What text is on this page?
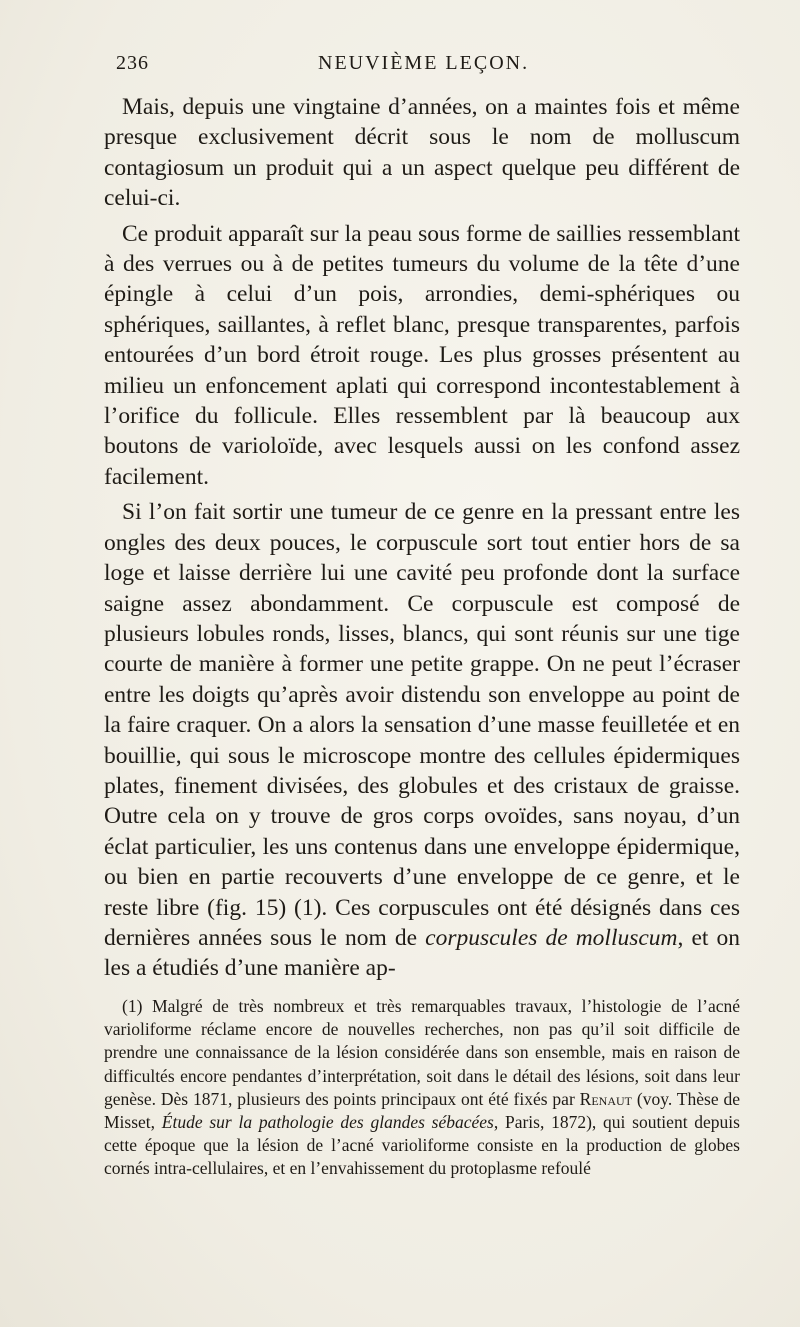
236	NEUVIÈME LEÇON.

Mais, depuis une vingtaine d’années, on a maintes fois et même presque exclusivement décrit sous le nom de molluscum contagiosum un produit qui a un aspect quelque peu différent de celui-ci.

Ce produit apparaît sur la peau sous forme de saillies ressemblant à des verrues ou à de petites tumeurs du volume de la tête d’une épingle à celui d’un pois, arrondies, demi-sphériques ou sphériques, saillantes, à reflet blanc, presque transparentes, parfois entourées d’un bord étroit rouge. Les plus grosses présentent au milieu un enfoncement aplati qui correspond incontestablement à l’orifice du follicule. Elles ressemblent par là beaucoup aux boutons de varioloïde, avec lesquels aussi on les confond assez facilement.

Si l’on fait sortir une tumeur de ce genre en la pressant entre les ongles des deux pouces, le corpuscule sort tout entier hors de sa loge et laisse derrière lui une cavité peu profonde dont la surface saigne assez abondamment. Ce corpuscule est composé de plusieurs lobules ronds, lisses, blancs, qui sont réunis sur une tige courte de manière à former une petite grappe. On ne peut l’écraser entre les doigts qu’après avoir distendu son enveloppe au point de la faire craquer. On a alors la sensation d’une masse feuilletée et en bouillie, qui sous le microscope montre des cellules épidermiques plates, finement divisées, des globules et des cristaux de graisse. Outre cela on y trouve de gros corps ovoïdes, sans noyau, d’un éclat particulier, les uns contenus dans une enveloppe épidermique, ou bien en partie recouverts d’une enveloppe de ce genre, et le reste libre (fig. 15) (1). Ces corpuscules ont été désignés dans ces dernières années sous le nom de corpuscules de molluscum, et on les a étudiés d’une manière ap-

(1) Malgré de très nombreux et très remarquables travaux, l’histologie de l’acné varioliforme réclame encore de nouvelles recherches, non pas qu’il soit difficile de prendre une connaissance de la lésion considérée dans son ensemble, mais en raison de difficultés encore pendantes d’interprétation, soit dans le détail des lésions, soit dans leur genèse. Dès 1871, plusieurs des points principaux ont été fixés par Renaut (voy. Thèse de Misset, Étude sur la pathologie des glandes sébacées, Paris, 1872), qui soutient depuis cette époque que la lésion de l’acné varioliforme consiste en la production de globes cornés intra-cellulaires, et en l’envahissement du protoplasme refoulé
